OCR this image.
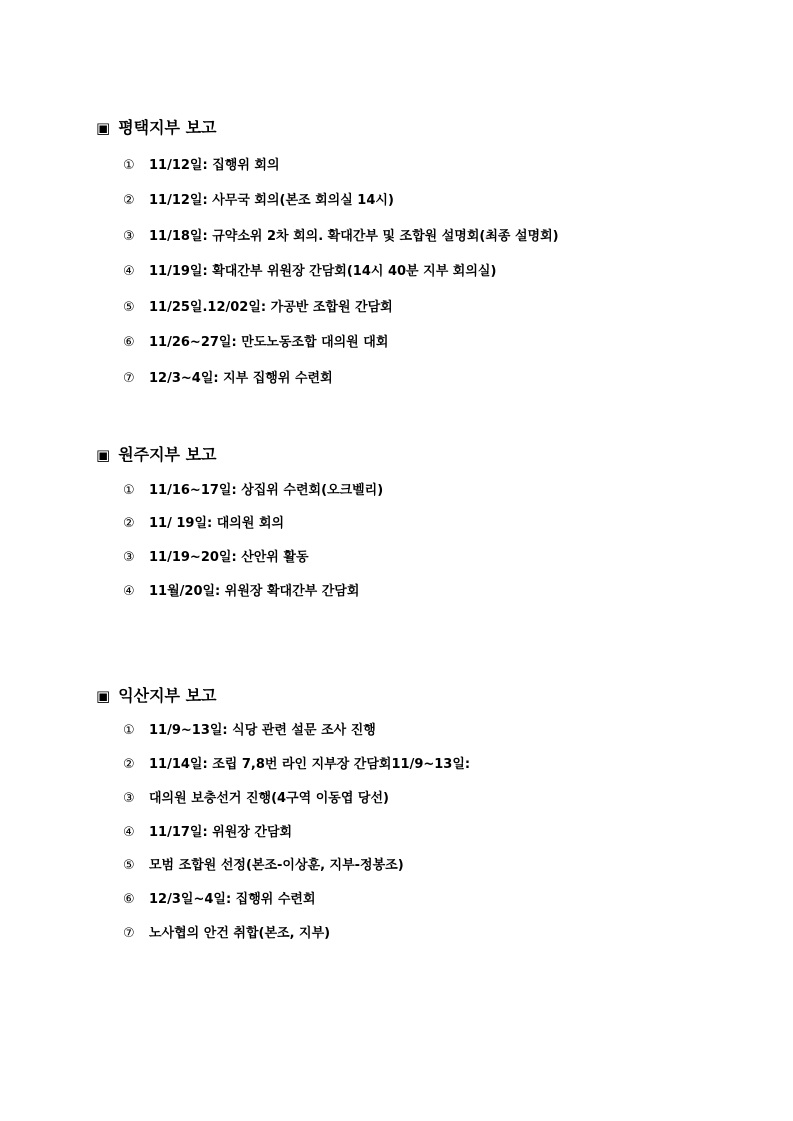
▣ 평택지부 보고
①	11/12일: 집행위 회의
②	11/12일: 사무국 회의(본조 회의실 14시)
③	11/18일: 규약소위 2차 회의. 확대간부 및 조합원 설명회(최종 설명회)
④	11/19일: 확대간부 위원장 간담회(14시 40분 지부 회의실)
⑤	11/25일.12/02일: 가공반 조합원 간담회
⑥	11/26~27일: 만도노동조합 대의원 대회
⑦	12/3~4일: 지부 집행위 수련회
▣ 원주지부 보고
①	11/16~17일: 상집위 수련회(오크벨리)
②	11/ 19일: 대의원 회의
③	11/19~20일: 산안위 활동
④	11월/20일: 위원장 확대간부 간담회
▣ 익산지부 보고
①	11/9~13일: 식당 관련 설문 조사 진행
②	11/14일: 조립 7,8번 라인 지부장 간담회11/9~13일:
③	대의원 보충선거 진행(4구역 이동엽 당선)
④	11/17일: 위원장 간담회
⑤	모범 조합원 선정(본조-이상훈, 지부-정봉조)
⑥	12/3일~4일: 집행위 수련회
⑦	노사협의 안건 취합(본조, 지부)
